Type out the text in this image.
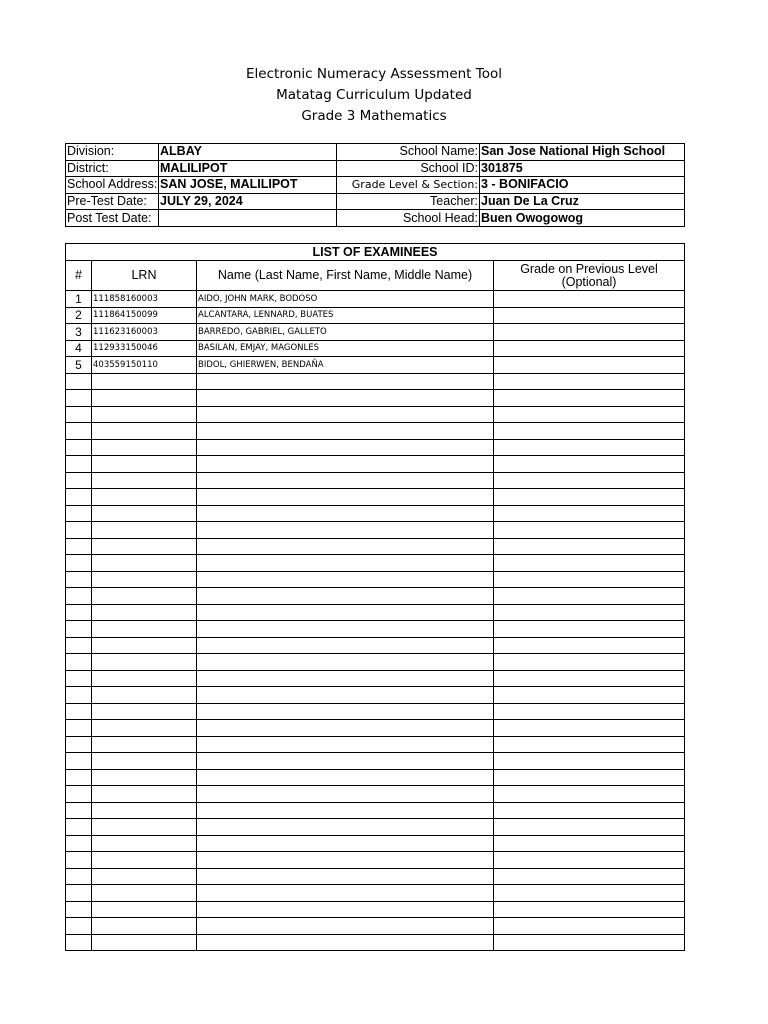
Electronic Numeracy Assessment Tool
Matatag Curriculum Updated
Grade 3 Mathematics
Division:	ALBAY	School Name:	San Jose National High School
District:	MALILIPOT	School ID:	301875
School Address:	SAN JOSE, MALILIPOT	Grade Level & Section:	3 - BONIFACIO
Pre-Test Date:	JULY 29, 2024	Teacher:	Juan De La Cruz
Post Test Date:		School Head:	Buen Owogowog
LIST OF EXAMINEES			
#	LRN	Name (Last Name, First Name, Middle Name)	Grade on Previous Level (Optional)
1	111858160003	AIDO, JOHN MARK, BODOSO	
2	111864150099	ALCANTARA, LENNARD, BUATES	
3	111623160003	BARREDO, GABRIEL, GALLETO	
4	112933150046	BASILAN, EMJAY, MAGONLES	
5	403559150110	BIDOL, GHIERWEN, BENDAÑA	
